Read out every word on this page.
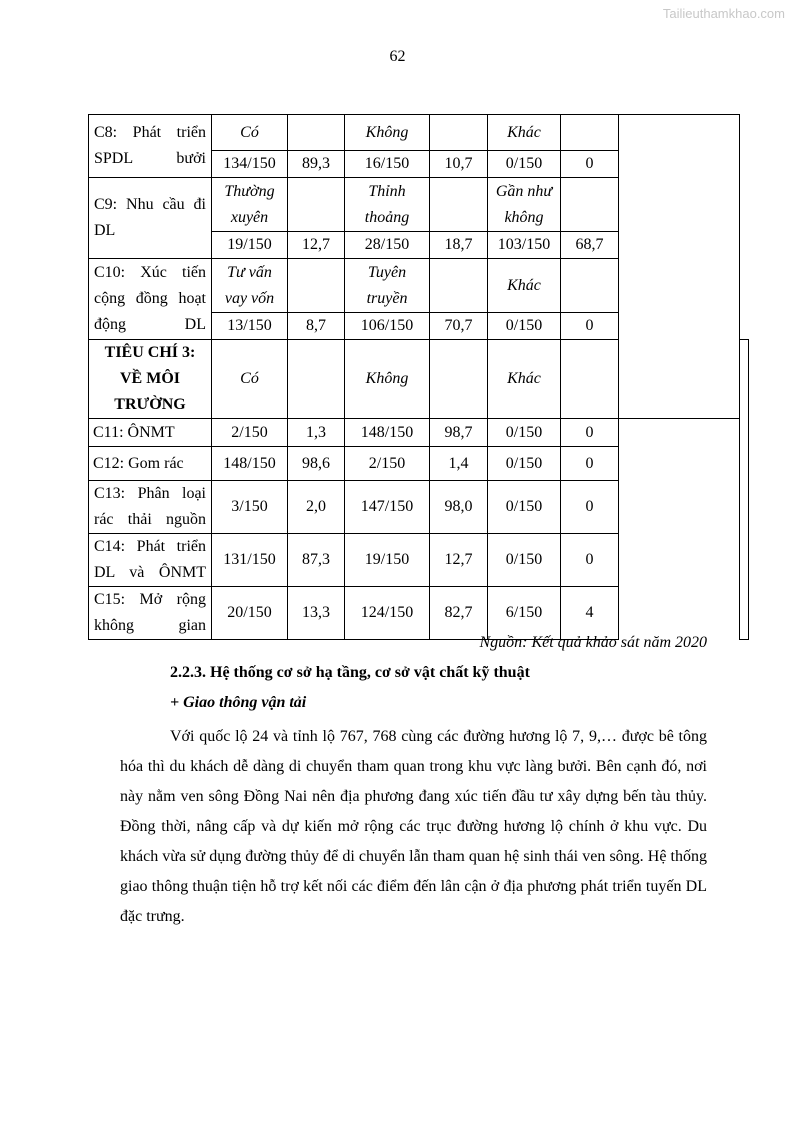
Tailieuthamkhao.com
62
C8: Phát triển SPDL bưởi	Có		Không		Khác			
	134/150	89,3	16/150	10,7	0/150	0		
C9: Nhu cầu đi DL	Thường xuyên		Thỉnh thoảng		Gần như không			
	19/150	12,7	28/150	18,7	103/150	68,7		
C10: Xúc tiến cộng đồng hoạt động DL	Tư vấn vay vốn		Tuyên truyền		Khác			
	13/150	8,7	106/150	70,7	0/150	0		
TIÊU CHÍ 3: VỀ MÔI TRƯỜNG	Có		Không		Khác			
C11: ÔNMT	2/150	1,3	148/150	98,7	0/150	0		
C12: Gom rác	148/150	98,6	2/150	1,4	0/150	0		
C13: Phân loại rác thải nguồn	3/150	2,0	147/150	98,0	0/150	0		
C14: Phát triển DL và ÔNMT	131/150	87,3	19/150	12,7	0/150	0		
C15: Mở rộng không gian	20/150	13,3	124/150	82,7	6/150	4		
Nguồn: Kết quả khảo sát năm 2020
2.2.3. Hệ thống cơ sở hạ tầng, cơ sở vật chất kỹ thuật
+ Giao thông vận tải

Với quốc lộ 24 và tỉnh lộ 767, 768 cùng các đường hương lộ 7, 9,… được bê tông hóa thì du khách dễ dàng di chuyển tham quan trong khu vực làng bưởi. Bên cạnh đó, nơi này nằm ven sông Đồng Nai nên địa phương đang xúc tiến đầu tư xây dựng bến tàu thủy. Đồng thời, nâng cấp và dự kiến mở rộng các trục đường hương lộ chính ở khu vực. Du khách vừa sử dụng đường thủy để di chuyển lẫn tham quan hệ sinh thái ven sông. Hệ thống giao thông thuận tiện hỗ trợ kết nối các điểm đến lân cận ở địa phương phát triển tuyến DL đặc trưng.
